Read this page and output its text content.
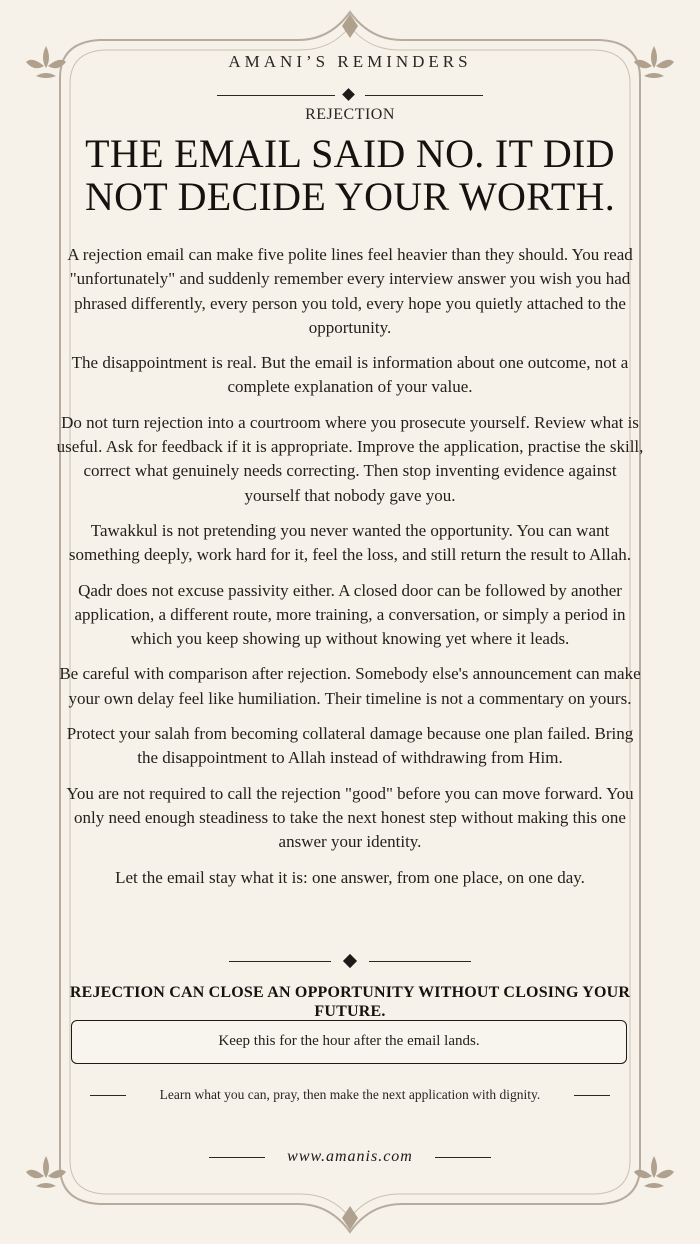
AMANI’S REMINDERS
REJECTION
THE EMAIL SAID NO. IT DID NOT DECIDE YOUR WORTH.

A rejection email can make five polite lines feel heavier than they should. You read "unfortunately" and suddenly remember every interview answer you wish you had phrased differently, every person you told, every hope you quietly attached to the opportunity.

The disappointment is real. But the email is information about one outcome, not a complete explanation of your value.

Do not turn rejection into a courtroom where you prosecute yourself. Review what is useful. Ask for feedback if it is appropriate. Improve the application, practise the skill, correct what genuinely needs correcting. Then stop inventing evidence against yourself that nobody gave you.

Tawakkul is not pretending you never wanted the opportunity. You can want something deeply, work hard for it, feel the loss, and still return the result to Allah.

Qadr does not excuse passivity either. A closed door can be followed by another application, a different route, more training, a conversation, or simply a period in which you keep showing up without knowing yet where it leads.

Be careful with comparison after rejection. Somebody else's announcement can make your own delay feel like humiliation. Their timeline is not a commentary on yours.

Protect your salah from becoming collateral damage because one plan failed. Bring the disappointment to Allah instead of withdrawing from Him.

You are not required to call the rejection "good" before you can move forward. You only need enough steadiness to take the next honest step without making this one answer your identity.

Let the email stay what it is: one answer, from one place, on one day.

REJECTION CAN CLOSE AN OPPORTUNITY WITHOUT CLOSING YOUR FUTURE.
Keep this for the hour after the email lands.
Learn what you can, pray, then make the next application with dignity.
www.amanis.com
